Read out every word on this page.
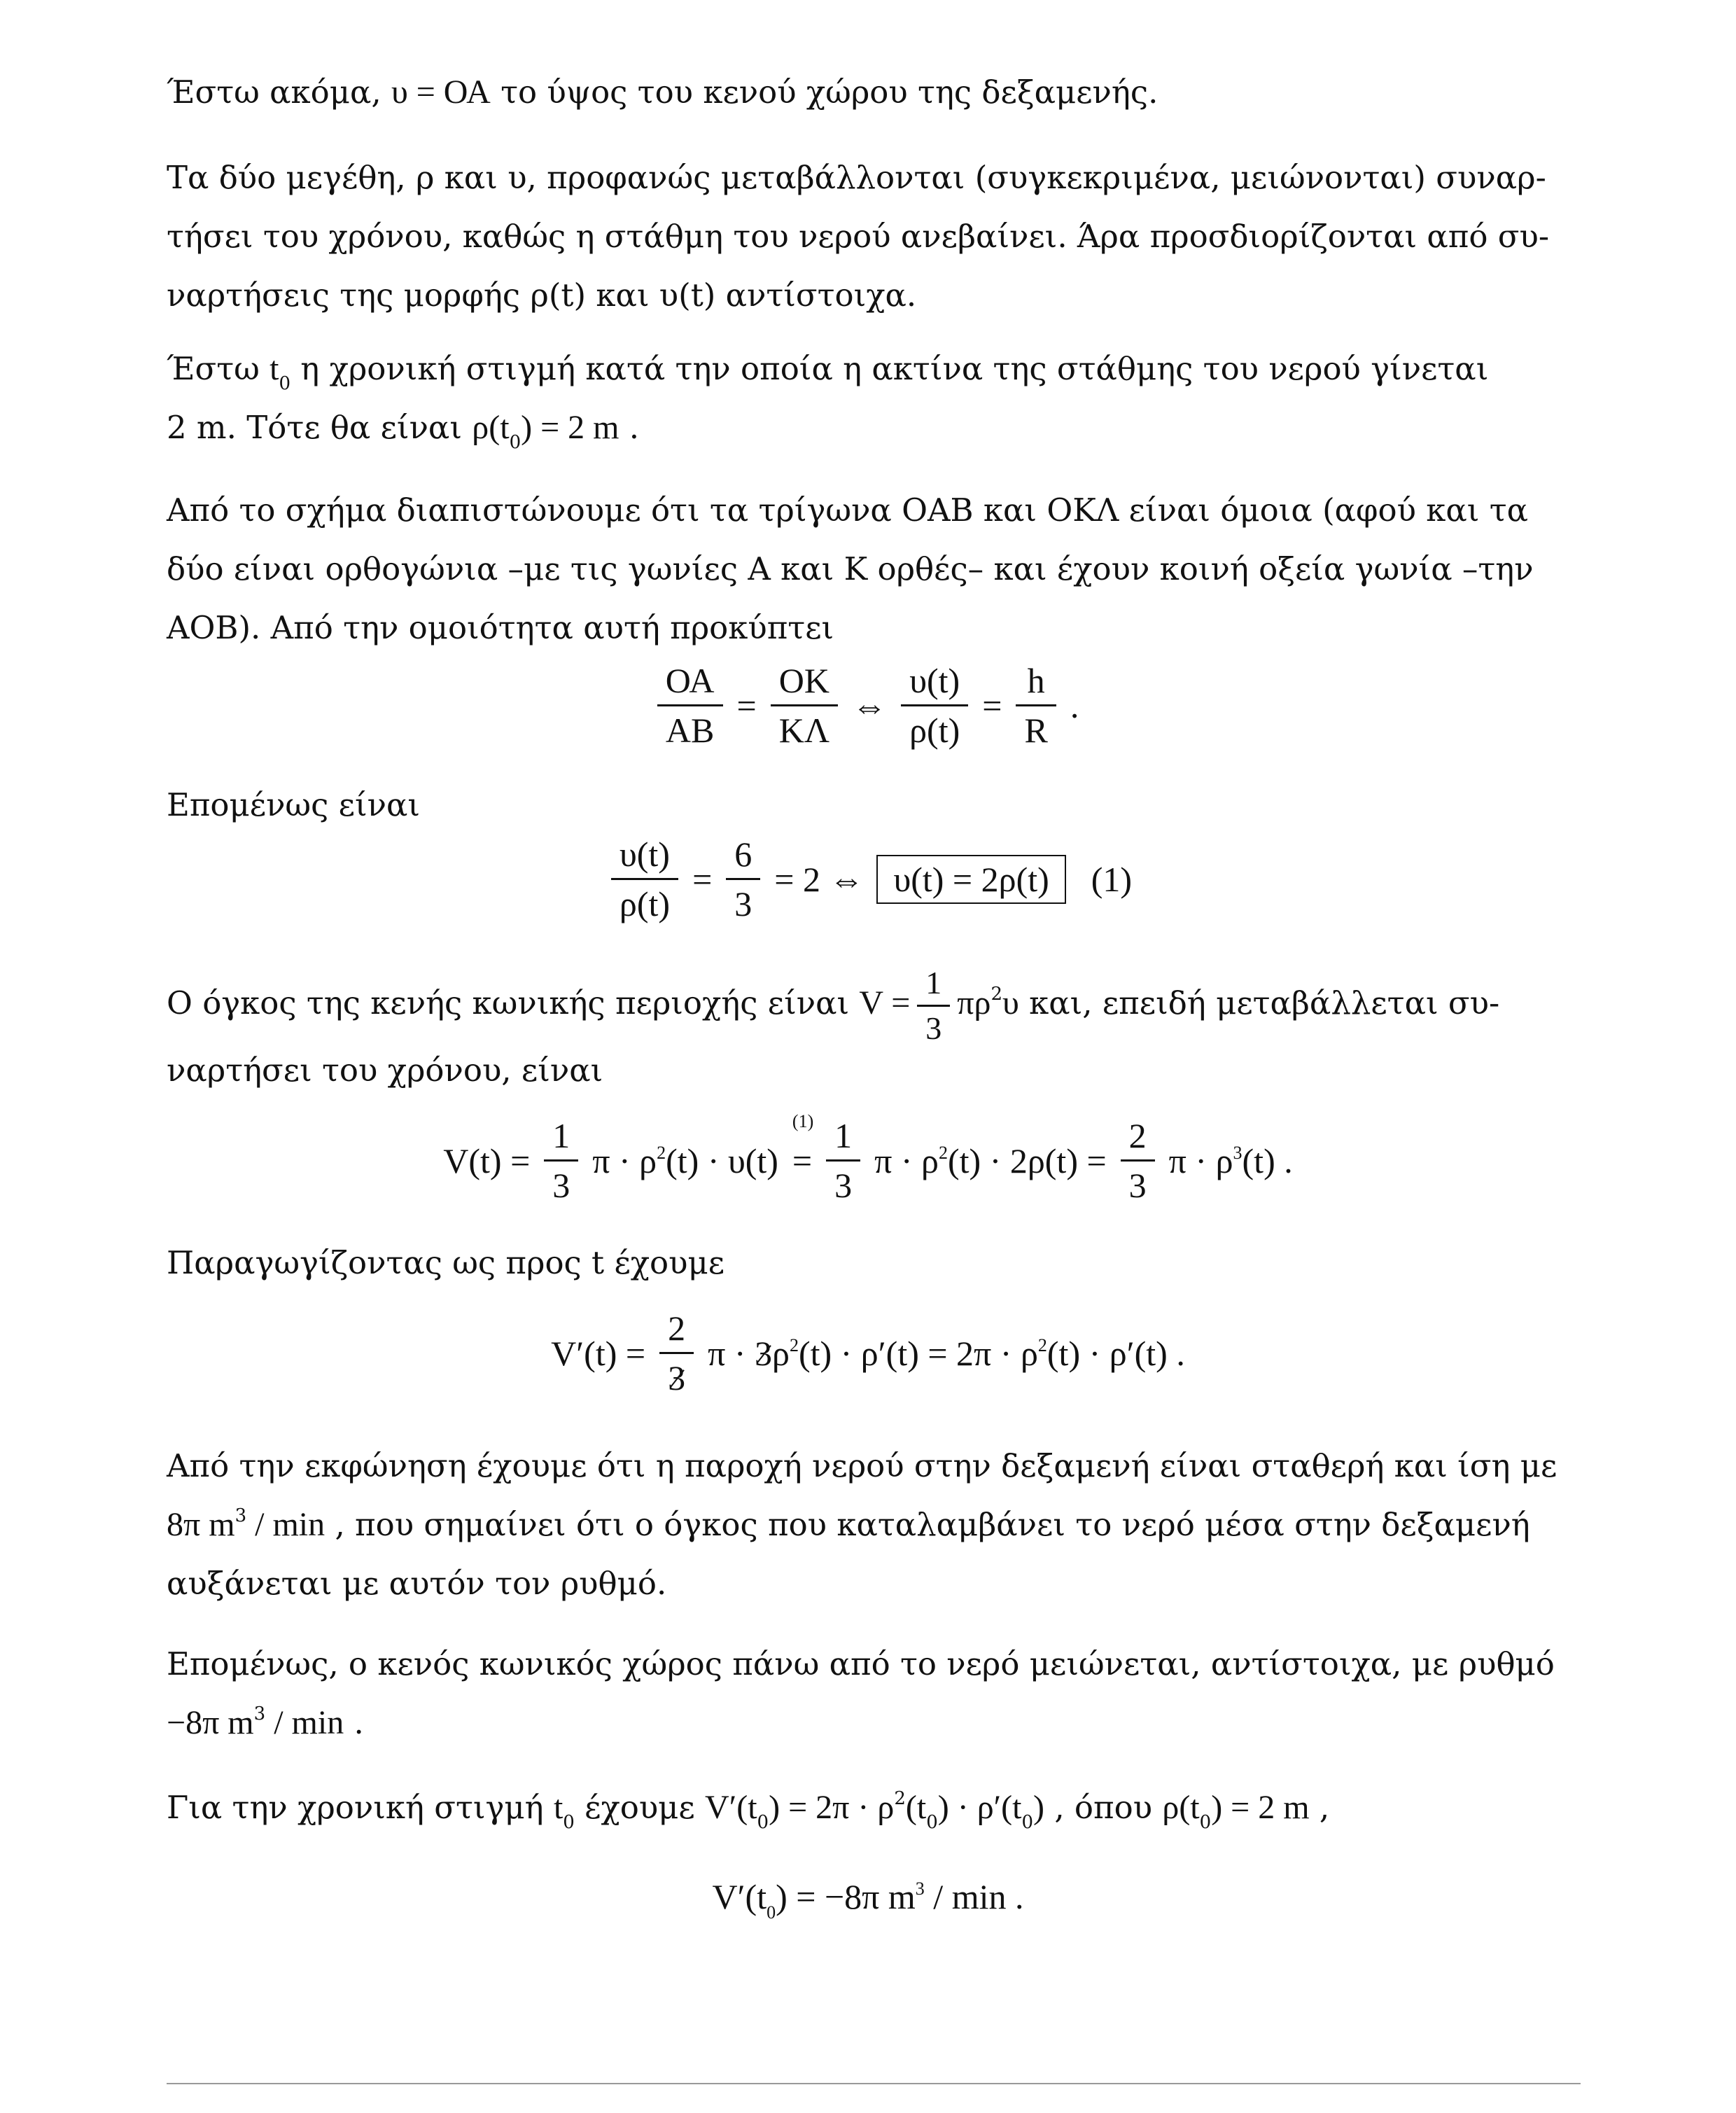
Έστω ακόμα, υ = ΟΑ το ύψος του κενού χώρου της δεξαμενής.

Τα δύο μεγέθη, ρ και υ, προφανώς μεταβάλλονται (συγκεκριμένα, μειώνονται) συναρ-
τήσει του χρόνου, καθώς η στάθμη του νερού ανεβαίνει. Άρα προσδιορίζονται από συ-
ναρτήσεις της μορφής ρ(t) και υ(t) αντίστοιχα.

Έστω $t_0$ η χρονική στιγμή κατά την οποία η ακτίνα της στάθμης του νερού γίνεται
2 m. Τότε θα είναι $\rho(t_0) = 2$ m .

Από το σχήμα διαπιστώνουμε ότι τα τρίγωνα ΟΑΒ και ΟΚΛ είναι όμοια (αφού και τα
δύο είναι ορθογώνια –με τις γωνίες Α και Κ ορθές– και έχουν κοινή οξεία γωνία –την
ΑΟΒ). Από την ομοιότητα αυτή προκύπτει

$\frac{OA}{AB} = \frac{OK}{K\Lambda}$ ⇔ $\frac{\upsilon(t)}{\rho(t)} = \frac{h}{R}$ .

Επομένως είναι

$\frac{\upsilon(t)}{\rho(t)} = \frac{6}{3} = 2$ ⇔ υ(t) = 2ρ(t) (1)
Ο όγκος της κενής κωνικής περιοχής είναι $V = \frac{1}{3} \pi\rho^2\upsilon$ και, επειδή μεταβάλλεται συ-

ναρτήσει του χρόνου, είναι

$V(t) = \frac{1}{3}$ $\pi \cdot \rho^2(t) \cdot \upsilon(t)$
(1)
= $\frac{1}{3}$ $\pi \cdot \rho^2(t) \cdot 2\rho(t) = \frac{2}{3}$ $\pi \cdot \rho^3(t)$ .

Παραγωγίζοντας ως προς t έχουμε

$V'(t) = \frac{2}{3}$ $\pi \cdot 3\rho^2(t) \cdot \rho'(t) = 2\pi \cdot \rho^2(t) \cdot \rho'(t)$ .

Από την εκφώνηση έχουμε ότι η παροχή νερού στην δεξαμενή είναι σταθερή και ίση με
8π $m^3$ / min , που σημαίνει ότι ο όγκος που καταλαμβάνει το νερό μέσα στην δεξαμενή
αυξάνεται με αυτόν τον ρυθμό.

Επομένως, ο κενός κωνικός χώρος πάνω από το νερό μειώνεται, αντίστοιχα, με ρυθμό
−8π $m^3$ / min .

Για την χρονική στιγμή $t_0$ έχουμε $V'(t_0) = 2\pi \cdot \rho^2(t_0) \cdot \rho'(t_0)$ , όπου $\rho(t_0) = 2$ m ,

$V'(t_0) = -8\pi$ $m^3$ / min .
